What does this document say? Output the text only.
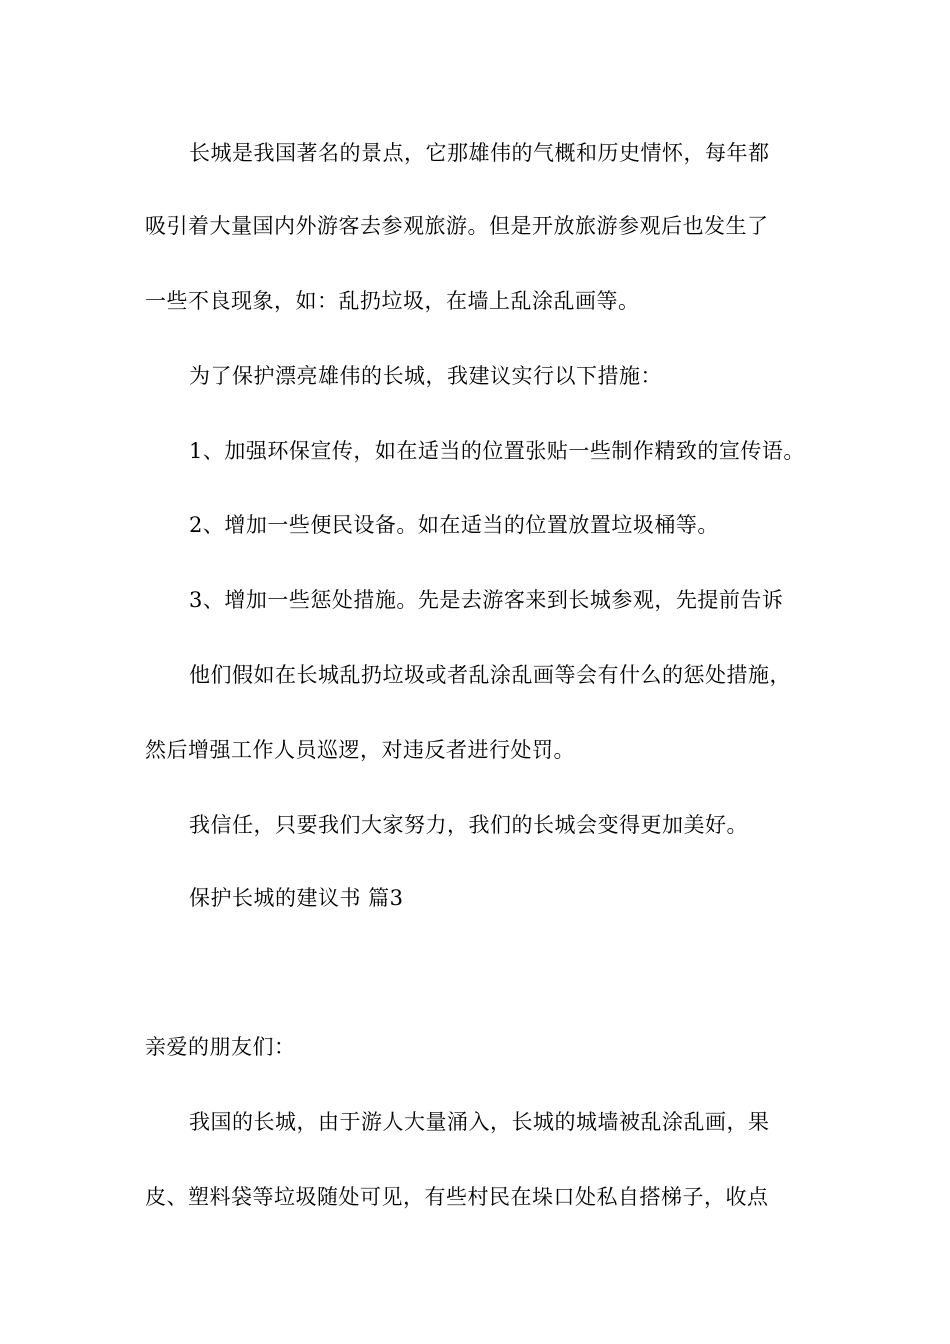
长城是我国著名的景点，它那雄伟的气概和历史情怀，每年都
吸引着大量国内外游客去参观旅游。但是开放旅游参观后也发生了
一些不良现象，如：乱扔垃圾，在墙上乱涂乱画等。
为了保护漂亮雄伟的长城，我建议实行以下措施：
1、加强环保宣传，如在适当的位置张贴一些制作精致的宣传语。
2、增加一些便民设备。如在适当的位置放置垃圾桶等。
3、增加一些惩处措施。先是去游客来到长城参观，先提前告诉
他们假如在长城乱扔垃圾或者乱涂乱画等会有什么的惩处措施，
然后增强工作人员巡逻，对违反者进行处罚。
我信任，只要我们大家努力，我们的长城会变得更加美好。
保护长城的建议书 篇3
亲爱的朋友们：
我国的长城，由于游人大量涌入，长城的城墙被乱涂乱画，果
皮、塑料袋等垃圾随处可见，有些村民在垛口处私自搭梯子，收点
